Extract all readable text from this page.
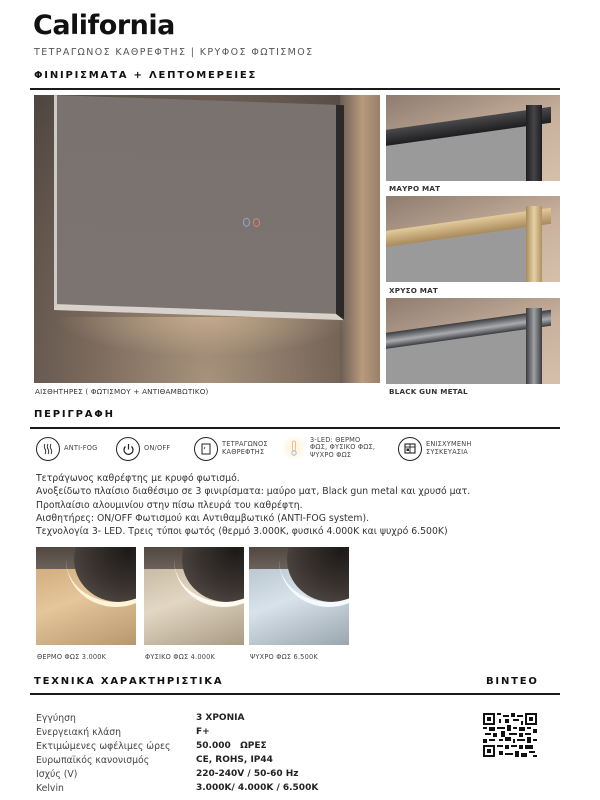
California
ΤΕΤΡΑΓΩΝΟΣ ΚΑΘΡΕΦΤΗΣ | ΚΡΥΦΟΣ ΦΩΤΙΣΜΟΣ
ΦΙΝΙΡΙΣΜΑΤΑ + ΛΕΠΤΟΜΕΡΕΙΕΣ
ΑΙΣΘΗΤΗΡΕΣ ( ΦΩΤΙΣΜΟΥ + ΑΝΤΙΘΑΜΒΩΤΙΚΟ)
ΜΑΥΡΟ ΜΑΤ
ΧΡΥΣΟ ΜΑΤ
BLACK GUN METAL
ΠΕΡΙΓΡΑΦΗ
ANTI-FOG	ON/OFF	ΤΕΤΡΑΓΩΝΟΣ
ΚΑΘΡΕΦΤΗΣ
3-LED: ΘΕΡΜΟ
ΦΩΣ, ΦΥΣΙΚΟ ΦΩΣ,
ΨΥΧΡΟ ΦΩΣ
ΕΝΙΣΧΥΜΕΝΗ
ΣΥΣΚΕΥΑΣΙΑ
Τετράγωνος καθρέφτης με κρυφό φωτισμό.
Ανοξείδωτο πλαίσιο διαθέσιμο σε 3 φινιρίσματα: μαύρο ματ, Black gun metal και χρυσό ματ.
Προπλαίσιο αλουμινίου στην πίσω πλευρά του καθρέφτη.
Αισθητήρες: ON/OFF Φωτισμού και Αντιθαμβωτικό (ANTI-FOG system).
Τεχνολογία 3- LED. Τρεις τύποι φωτός (θερμό 3.000K, φυσικό 4.000K και ψυχρό 6.500K)
ΘΕΡΜΟ ΦΩΣ 3.000K	ΦΥΣΙΚΟ ΦΩΣ 4.000K	ΨΥΧΡΟ ΦΩΣ 6.500K
ΤΕΧΝΙΚΑ ΧΑΡΑΚΤΗΡΙΣΤΙΚΑ	ΒΙΝΤΕΟ
Εγγύηση	3 ΧΡΟΝΙΑ
Ενεργειακή κλάση	F+
Εκτιμώμενες ωφέλιμες ώρες	50.000   ΩΡΕΣ
Ευρωπαϊκός κανονισμός	CE, ROHS, IP44
Ισχύς (V)	220-240V / 50-60 Hz
Kelvin	3.000K/ 4.000K / 6.500K
